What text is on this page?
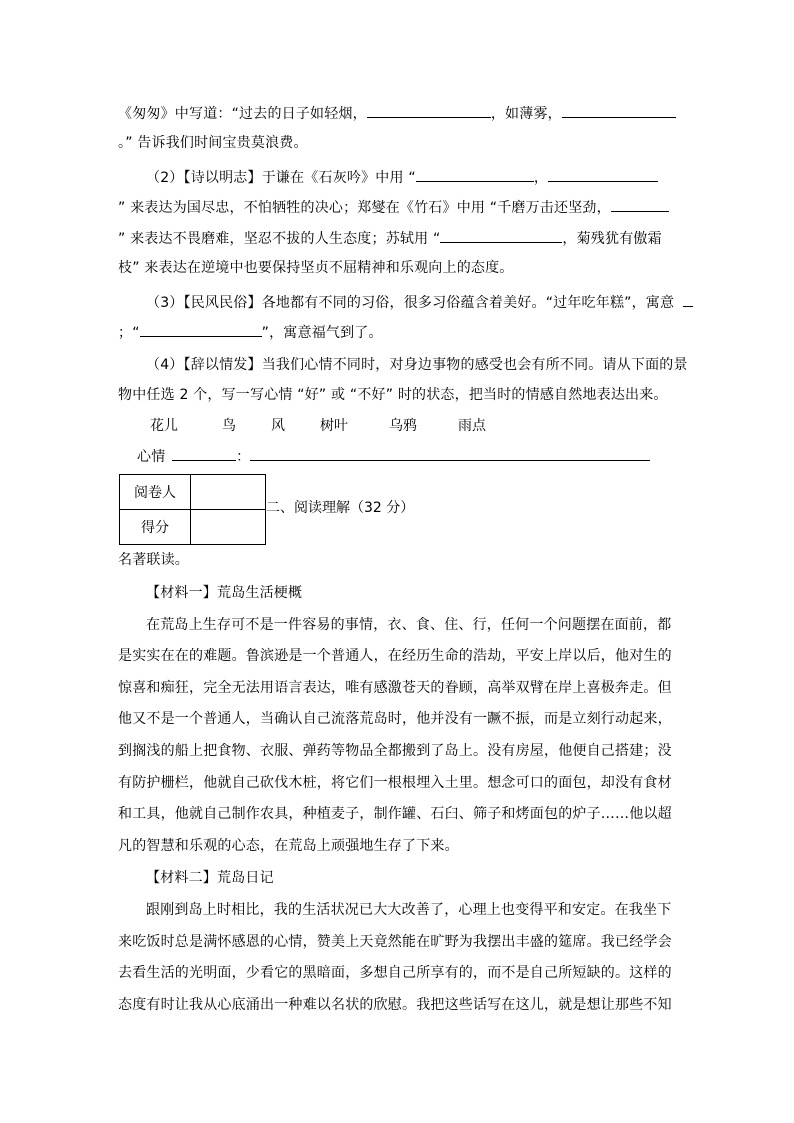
《匆匆》中写道：“过去的日子如轻烟，	，如薄雾，
。” 告诉我们时间宝贵莫浪费。
（2）【诗以明志】于谦在《石灰吟》中用 “	，
” 来表达为国尽忠，不怕牺牲的决心；郑燮在《竹石》中用 “千磨万击还坚劲，
” 来表达不畏磨难，坚忍不拔的人生态度；苏轼用 “	，菊残犹有傲霜
枝” 来表达在逆境中也要保持坚贞不屈精神和乐观向上的态度。
（3）【民风民俗】各地都有不同的习俗，很多习俗蕴含着美好。“过年吃年糕”，寓意
；“	”，寓意福气到了。
（4）【辞以情发】当我们心情不同时，对身边事物的感受也会有所不同。请从下面的景
物中任选 2 个，写一写心情 “好” 或 “不好” 时的状态，把当时的情感自然地表达出来。
花儿	鸟	风	树叶	乌鸦	雨点
心情	：
阅卷人	
得分	
二、阅读理解（32 分）
名著联读。
【材料一】荒岛生活梗概
在荒岛上生存可不是一件容易的事情，衣、食、住、行，任何一个问题摆在面前，都
是实实在在的难题。鲁滨逊是一个普通人，在经历生命的浩劫，平安上岸以后，他对生的
惊喜和痴狂，完全无法用语言表达，唯有感激苍天的眷顾，高举双臂在岸上喜极奔走。但
他又不是一个普通人，当确认自己流落荒岛时，他并没有一蹶不振，而是立刻行动起来，
到搁浅的船上把食物、衣服、弹药等物品全都搬到了岛上。没有房屋，他便自己搭建；没
有防护栅栏，他就自己砍伐木桩，将它们一根根埋入土里。想念可口的面包，却没有食材
和工具，他就自己制作农具，种植麦子，制作罐、石臼、筛子和烤面包的炉子……他以超
凡的智慧和乐观的心态，在荒岛上顽强地生存了下来。
【材料二】荒岛日记
跟刚到岛上时相比，我的生活状况已大大改善了，心理上也变得平和安定。在我坐下
来吃饭时总是满怀感恩的心情，赞美上天竟然能在旷野为我摆出丰盛的筵席。我已经学会
去看生活的光明面，少看它的黑暗面，多想自己所享有的，而不是自己所短缺的。这样的
态度有时让我从心底涌出一种难以名状的欣慰。我把这些话写在这儿，就是想让那些不知
